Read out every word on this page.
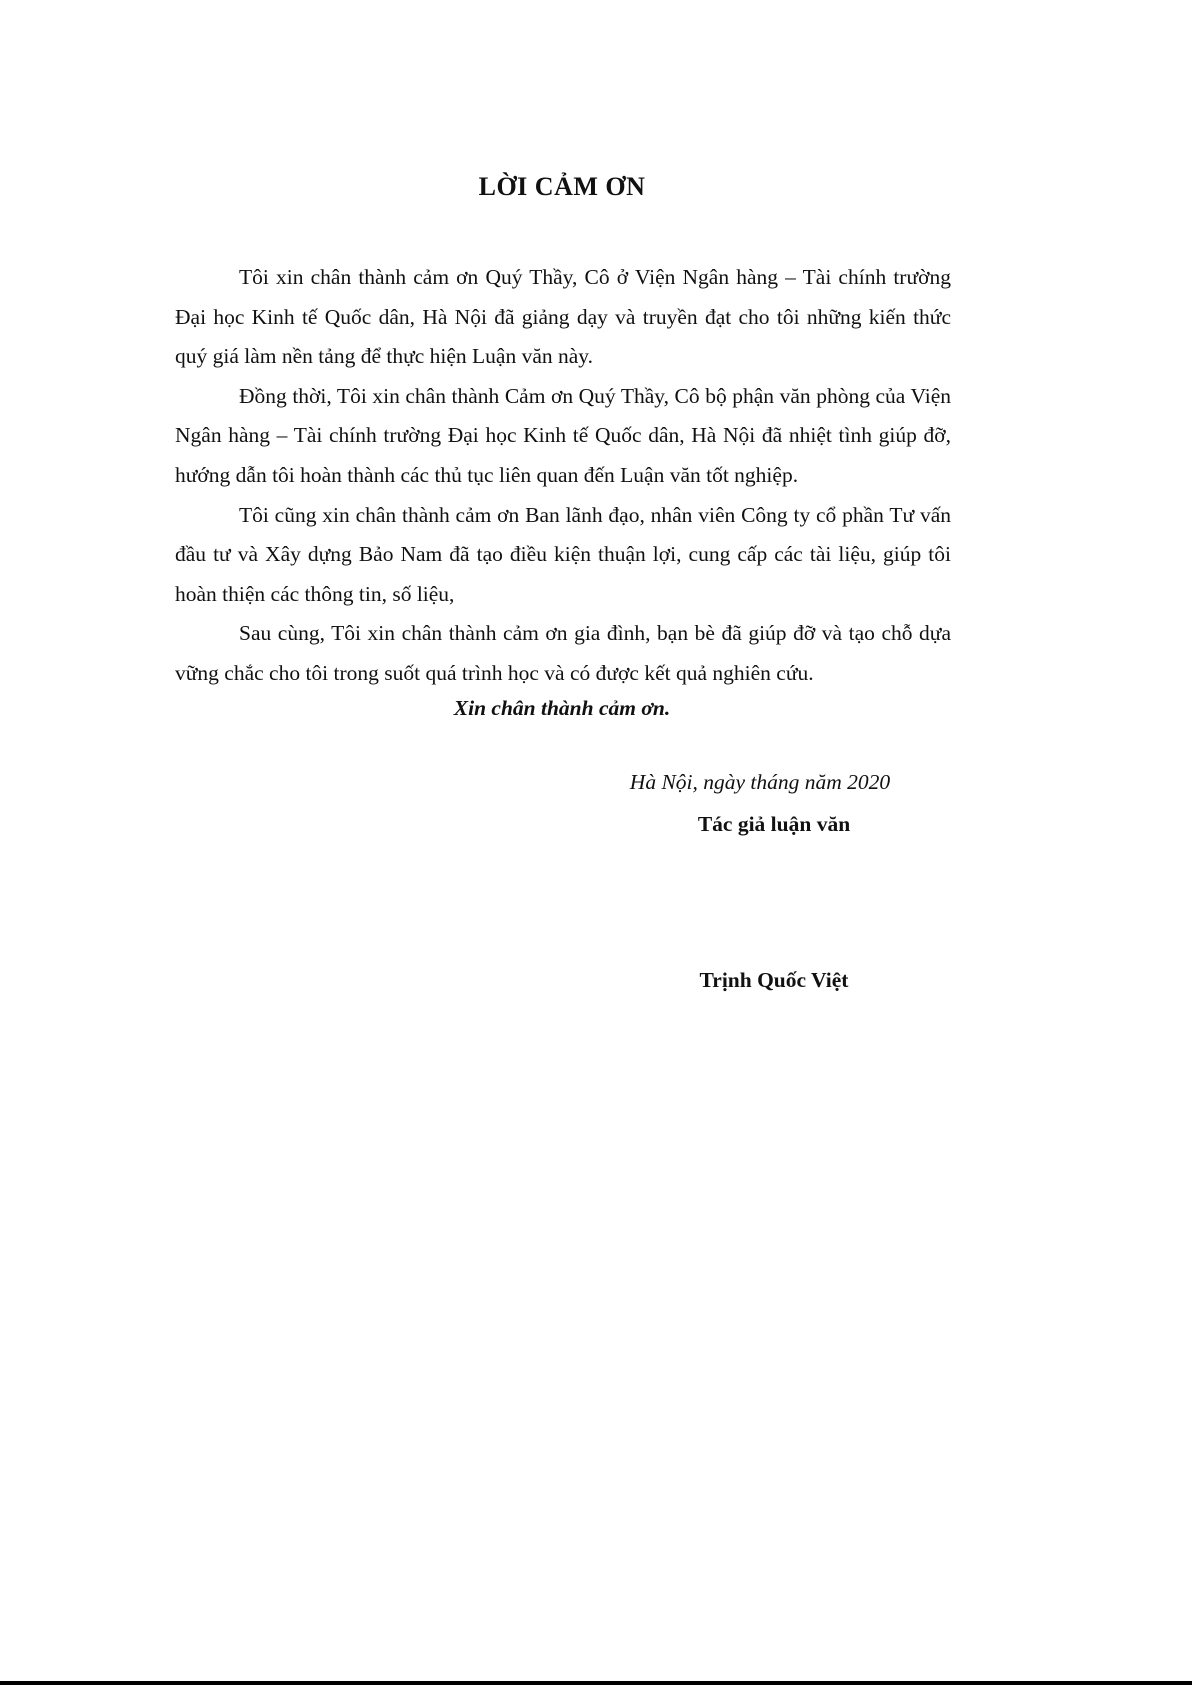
LỜI CẢM ƠN

Tôi xin chân thành cảm ơn Quý Thầy, Cô ở Viện Ngân hàng – Tài chính trường Đại học Kinh tế Quốc dân, Hà Nội đã giảng dạy và truyền đạt cho tôi những kiến thức quý giá làm nền tảng để thực hiện Luận văn này.

Đồng thời, Tôi xin chân thành Cảm ơn Quý Thầy, Cô bộ phận văn phòng của Viện Ngân hàng – Tài chính trường Đại học Kinh tế Quốc dân, Hà Nội đã nhiệt tình giúp đỡ, hướng dẫn tôi hoàn thành các thủ tục liên quan đến Luận văn tốt nghiệp.

Tôi cũng xin chân thành cảm ơn Ban lãnh đạo, nhân viên Công ty cổ phần Tư vấn đầu tư và Xây dựng Bảo Nam đã tạo điều kiện thuận lợi, cung cấp các tài liệu, giúp tôi hoàn thiện các thông tin, số liệu,

Sau cùng, Tôi xin chân thành cảm ơn gia đình, bạn bè đã giúp đỡ và tạo chỗ dựa vững chắc cho tôi trong suốt quá trình học và có được kết quả nghiên cứu.

Xin chân thành cảm ơn.

Hà Nội, ngày tháng năm 2020

Tác giả luận văn

Trịnh Quốc Việt
